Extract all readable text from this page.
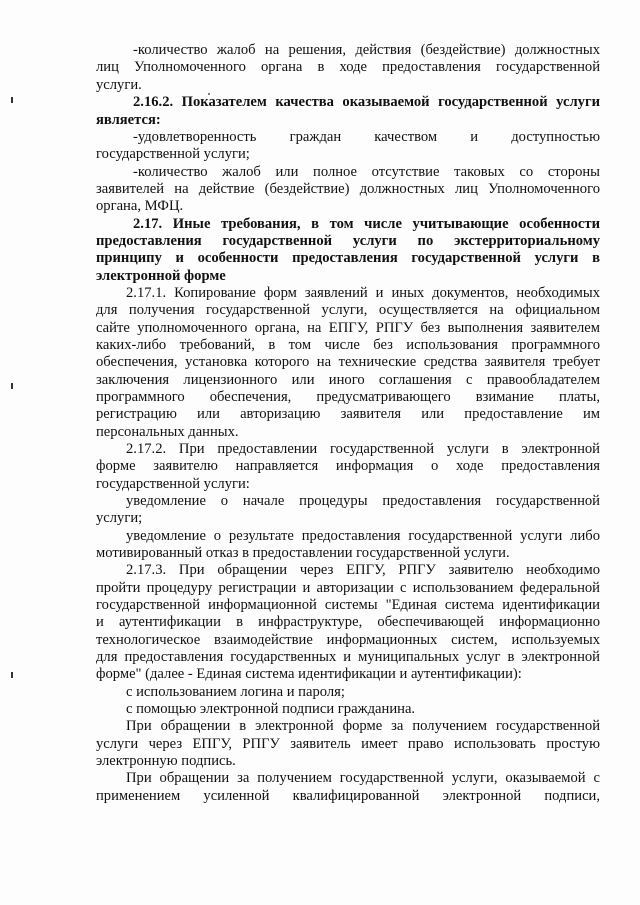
-количество жалоб на решения, действия (бездействие) должностных
лиц Уполномоченного органа в ходе предоставления государственной
услуги.
2.16.2. Показателем качества оказываемой государственной услуги
является:
-удовлетворенность граждан качеством и доступностью
государственной услуги;
-количество жалоб или полное отсутствие таковых со стороны
заявителей на действие (бездействие) должностных лиц Уполномоченного
органа, МФЦ.
2.17. Иные требования, в том числе учитывающие особенности
предоставления государственной услуги по экстерриториальному
принципу и особенности предоставления государственной услуги в
электронной форме
2.17.1. Копирование форм заявлений и иных документов, необходимых
для получения государственной услуги, осуществляется на официальном
сайте уполномоченного органа, на ЕПГУ, РПГУ без выполнения заявителем
каких-либо требований, в том числе без использования программного
обеспечения, установка которого на технические средства заявителя требует
заключения лицензионного или иного соглашения с правообладателем
программного обеспечения, предусматривающего взимание платы,
регистрацию или авторизацию заявителя или предоставление им
персональных данных.
2.17.2. При предоставлении государственной услуги в электронной
форме заявителю направляется информация о ходе предоставления
государственной услуги:
уведомление о начале процедуры предоставления государственной
услуги;
уведомление о результате предоставления государственной услуги либо
мотивированный отказ в предоставлении государственной услуги.
2.17.3. При обращении через ЕПГУ, РПГУ заявителю необходимо
пройти процедуру регистрации и авторизации с использованием федеральной
государственной информационной системы "Единая система идентификации
и аутентификации в инфраструктуре, обеспечивающей информационно
технологическое взаимодействие информационных систем, используемых
для предоставления государственных и муниципальных услуг в электронной
форме" (далее - Единая система идентификации и аутентификации):
с использованием логина и пароля;
с помощью электронной подписи гражданина.
При обращении в электронной форме за получением государственной
услуги через ЕПГУ, РПГУ заявитель имеет право использовать простую
электронную подпись.
При обращении за получением государственной услуги, оказываемой с
применением усиленной квалифицированной электронной подписи,
